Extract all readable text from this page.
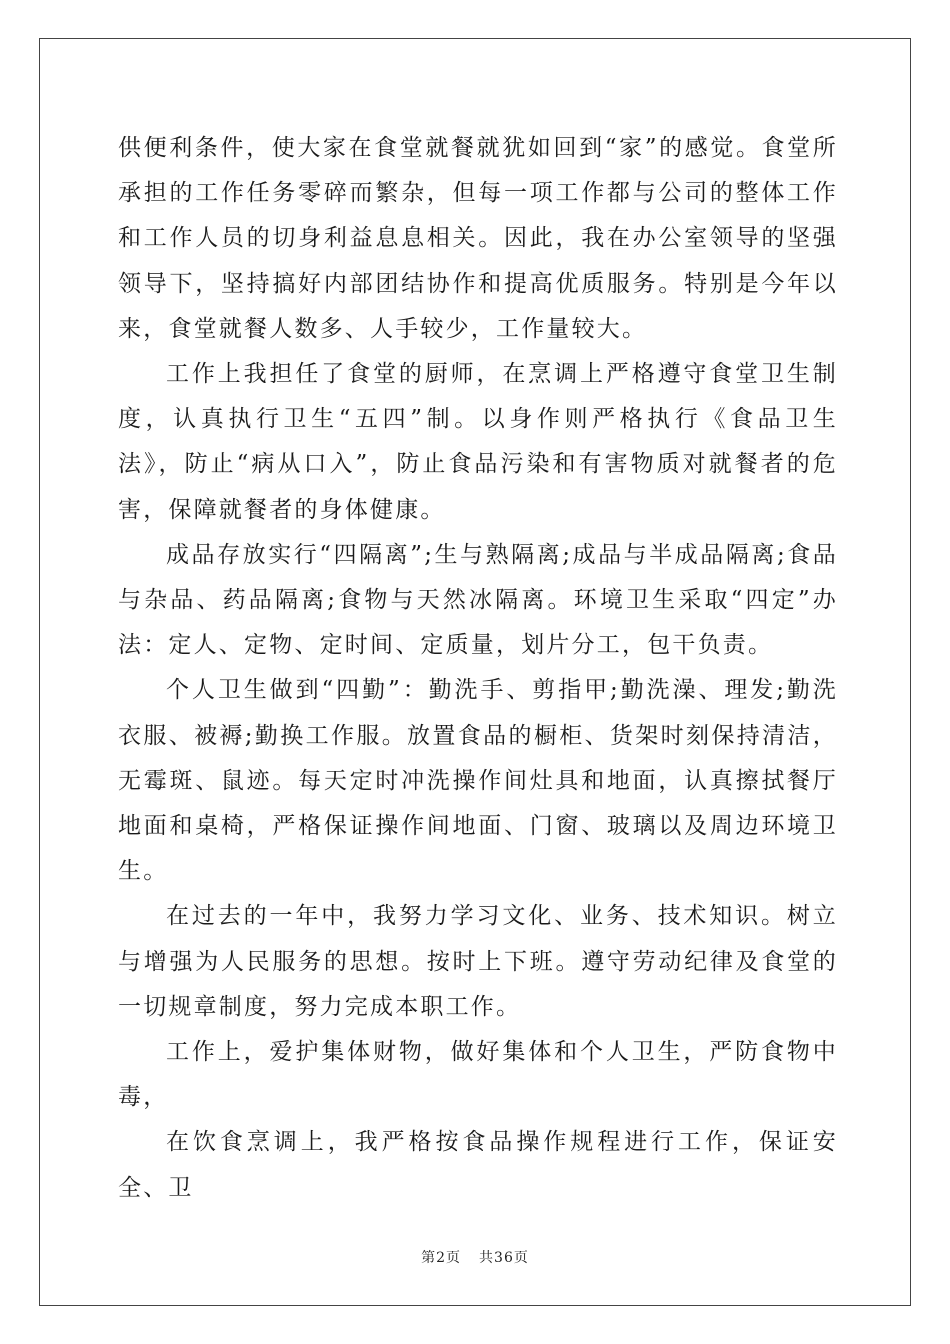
供便利条件，使大家在食堂就餐就犹如回到“家”的感觉。食堂所承担的工作任务零碎而繁杂，但每一项工作都与公司的整体工作和工作人员的切身利益息息相关。因此，我在办公室领导的坚强领导下，坚持搞好内部团结协作和提高优质服务。特别是今年以来，食堂就餐人数多、人手较少，工作量较大。

工作上我担任了食堂的厨师，在烹调上严格遵守食堂卫生制度，认真执行卫生“五四”制。以身作则严格执行《食品卫生法》，防止“病从口入”，防止食品污染和有害物质对就餐者的危害，保障就餐者的身体健康。

成品存放实行“四隔离”;生与熟隔离;成品与半成品隔离;食品与杂品、药品隔离;食物与天然冰隔离。环境卫生采取“四定”办法：定人、定物、定时间、定质量，划片分工，包干负责。

个人卫生做到“四勤”：勤洗手、剪指甲;勤洗澡、理发;勤洗衣服、被褥;勤换工作服。放置食品的橱柜、货架时刻保持清洁，无霉斑、鼠迹。每天定时冲洗操作间灶具和地面，认真擦拭餐厅地面和桌椅，严格保证操作间地面、门窗、玻璃以及周边环境卫生。

在过去的一年中，我努力学习文化、业务、技术知识。树立与增强为人民服务的思想。按时上下班。遵守劳动纪律及食堂的一切规章制度，努力完成本职工作。

工作上，爱护集体财物，做好集体和个人卫生，严防食物中毒，

在饮食烹调上，我严格按食品操作规程进行工作，保证安全、卫

第2页 共36页
